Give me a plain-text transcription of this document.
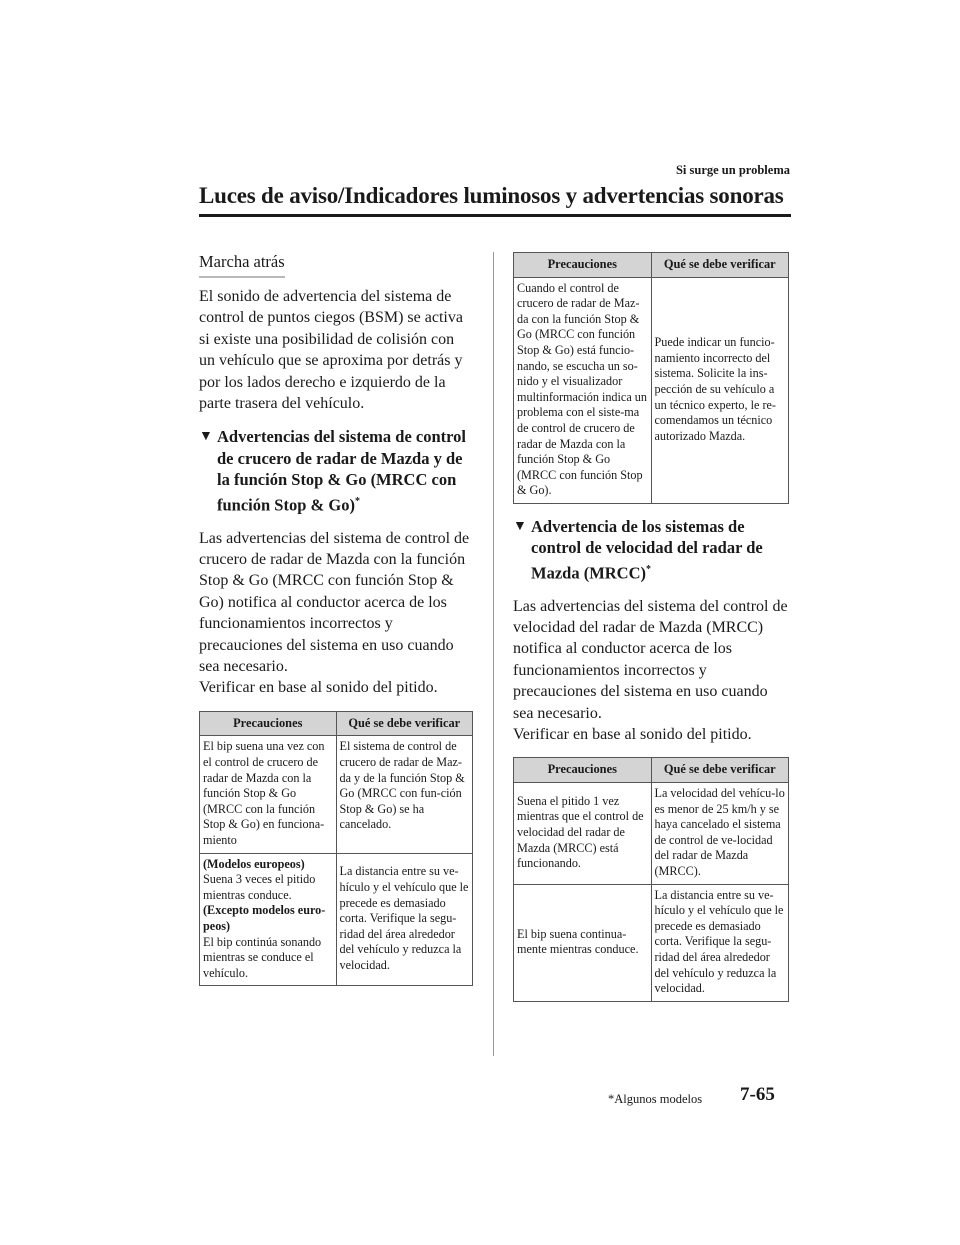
Si surge un problema
Luces de aviso/Indicadores luminosos y advertencias sonoras
Marcha atrás

El sonido de advertencia del sistema de control de puntos ciegos (BSM) se activa si existe una posibilidad de colisión con un vehículo que se aproxima por detrás y por los lados derecho e izquierdo de la parte trasera del vehículo.

▼ Advertencias del sistema de control de crucero de radar de Mazda y de la función Stop & Go (MRCC con función Stop & Go)*

Las advertencias del sistema de control de crucero de radar de Mazda con la función Stop & Go (MRCC con función Stop & Go) notifica al conductor acerca de los funcionamientos incorrectos y precauciones del sistema en uso cuando sea necesario.

Verificar en base al sonido del pitido.

Precauciones	Qué se debe verificar
El bip suena una vez con el control de crucero de radar de Mazda con la función Stop & Go (MRCC con la función Stop & Go) en funciona-miento	El sistema de control de crucero de radar de Maz-da y de la función Stop & Go (MRCC con fun-ción Stop & Go) se ha cancelado.
(Modelos europeos)
Suena 3 veces el pitido mientras conduce.
(Excepto modelos euro-peos)
El bip continúa sonando mientras se conduce el vehículo.	La distancia entre su ve-hículo y el vehículo que le precede es demasiado corta. Verifique la segu-ridad del área alrededor del vehículo y reduzca la velocidad.
Precauciones	Qué se debe verificar
Cuando el control de crucero de radar de Maz-da con la función Stop & Go (MRCC con función Stop & Go) está funcio-nando, se escucha un so-nido y el visualizador multinformación indica un problema con el siste-ma de control de crucero de radar de Mazda con la función Stop & Go (MRCC con función Stop & Go).	Puede indicar un funcio-namiento incorrecto del sistema. Solicite la ins-pección de su vehículo a un técnico experto, le re-comendamos un técnico autorizado Mazda.
▼ Advertencia de los sistemas de control de velocidad del radar de Mazda (MRCC)*

Las advertencias del sistema del control de velocidad del radar de Mazda (MRCC) notifica al conductor acerca de los funcionamientos incorrectos y precauciones del sistema en uso cuando sea necesario.

Verificar en base al sonido del pitido.

Precauciones	Qué se debe verificar
Suena el pitido 1 vez mientras que el control de velocidad del radar de Mazda (MRCC) está funcionando.	La velocidad del vehícu-lo es menor de 25 km/h y se haya cancelado el sistema de control de ve-locidad del radar de Mazda (MRCC).
El bip suena continua-mente mientras conduce.	La distancia entre su ve-hículo y el vehículo que le precede es demasiado corta. Verifique la segu-ridad del área alrededor del vehículo y reduzca la velocidad.
*Algunos modelos 7-65
